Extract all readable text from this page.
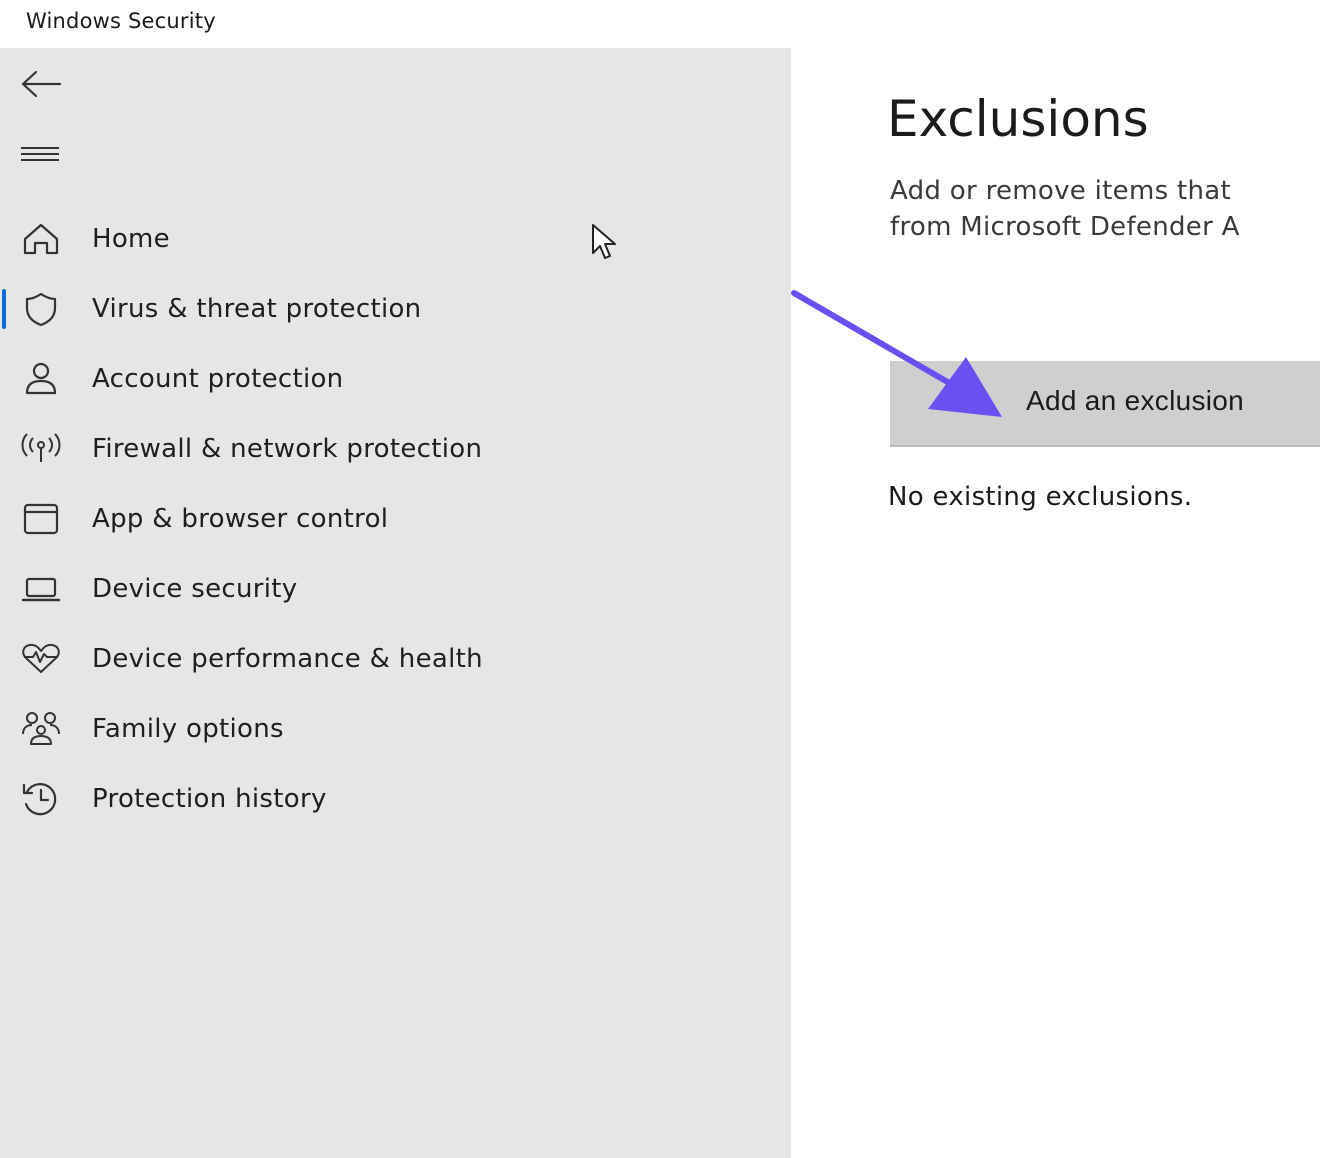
Windows Security
Home
Virus & threat protection
Account protection
Firewall & network protection
App & browser control
Device security
Device performance & health
Family options
Protection history
Exclusions
Add or remove items that
from Microsoft Defender A
Add an exclusion
No existing exclusions.
